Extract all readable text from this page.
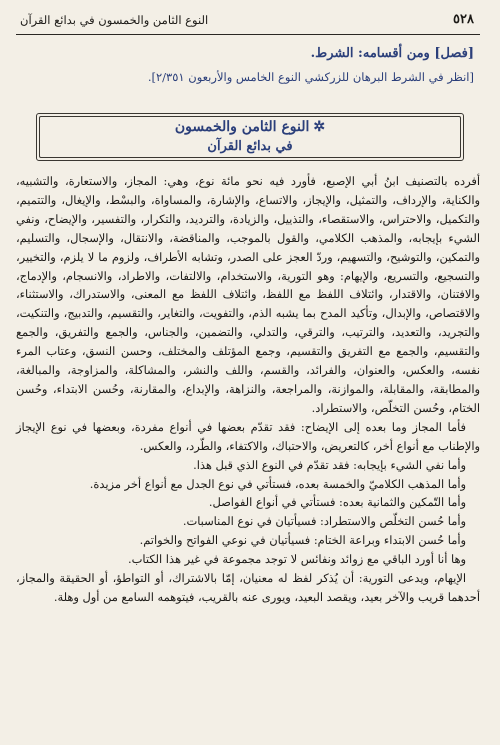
٥٢٨
النوع الثامن والخمسون في بدائع القرآن
[فصل] ومن أقسامه: الشرط.
[انظر في الشرط البرهان للزركشي النوع الخامس والأربعون ٢/٣٥١].
✲النوع الثامن والخمسون
في بدائع القرآن

أفرده بالتصنيف ابنُ أبي الإصبع، فأورد فيه نحو مائة نوع، وهي: المجاز، والاستعارة، والتشبيه، والكناية، والإرداف، والتمثيل، والإيجاز، والاتساع، والإشارة، والمساواة، والبسْط، والإيغال، والتتميم، والتكميل، والاحتراس، والاستقصاء، والتذييل، والزيادة، والترديد، والتكرار، والتفسير، والإيضاح، ونفي الشيء بإيجابه، والمذهب الكلامي، والقول بالموجب، والمناقضة، والانتقال، والإسجال، والتسليم، والتمكين، والتوشيح، والتسهيم، وردّ العجز على الصدر، وتشابه الأطراف، ولزوم ما لا يلزم، والتخيير، والتسجيع، والتسريع، والإيهام: وهو التورية، والاستخدام، والالتفات، والاطراد، والانسجام، والإدماج، والافتنان، والاقتدار، وائتلاف اللفظ مع اللفظ، وائتلاف اللفظ مع المعنى، والاستدراك، والاستثناء، والاقتصاص، والإبدال، وتأكيد المدح بما يشبه الذم، والتفويت، والتغاير، والتقسيم، والتدبيج، والتنكيت، والتجريد، والتعديد، والترتيب، والترقي، والتدلي، والتضمين، والجناس، والجمع والتفريق، والجمع والتقسيم، والجمع مع التفريق والتقسيم، وجمع المؤتلف والمختلف، وحسن النسق، وعتاب المرء نفسه، والعكس، والعنوان، والفرائد، والقسم، واللف والنشر، والمشاكلة، والمزاوجة، والمبالغة، والمطابقة، والمقابلة، والموازنة، والمراجعة، والنزاهة، والإبداع، والمقارنة، وحُسن الابتداء، وحُسن الختام، وحُسن التخلّص، والاستطراد.

فأما المجاز وما بعده إلى الإيضاح: فقد تقدّم بعضها في أنواع مفردة، وبعضها في نوع الإيجاز والإطناب مع أنواع أخر، كالتعريض، والاحتباك، والاكتفاء، والطّرد، والعكس.

وأما نفي الشيء بإيجابه: فقد تقدّم في النوع الذي قبل هذا.

وأما المذهب الكلاميّ والخمسة بعده، فستأتي في نوع الجدل مع أنواع أخر مزيدة.

وأما التّمكين والثمانية بعده: فستأتي في أنواع الفواصل.

وأما حُسن التخلّص والاستطراد: فسيأتيان في نوع المناسبات.

وأما حُسن الابتداء وبراعة الختام: فسيأتيان في نوعي الفواتح والخواتم.

وها أنا أورد الباقي مع زوائد ونفائس لا توجد مجموعة في غير هذا الكتاب.

الإيهام، ويدعى التورية: أن يُذكر لفظ له معنيان، إمّا بالاشتراك، أو التواطؤ، أو الحقيقة والمجاز، أحدهما قريب والآخر بعيد، ويقصد البعيد، ويورى عنه بالقريب، فيتوهمه السامع من أول وهلة.
